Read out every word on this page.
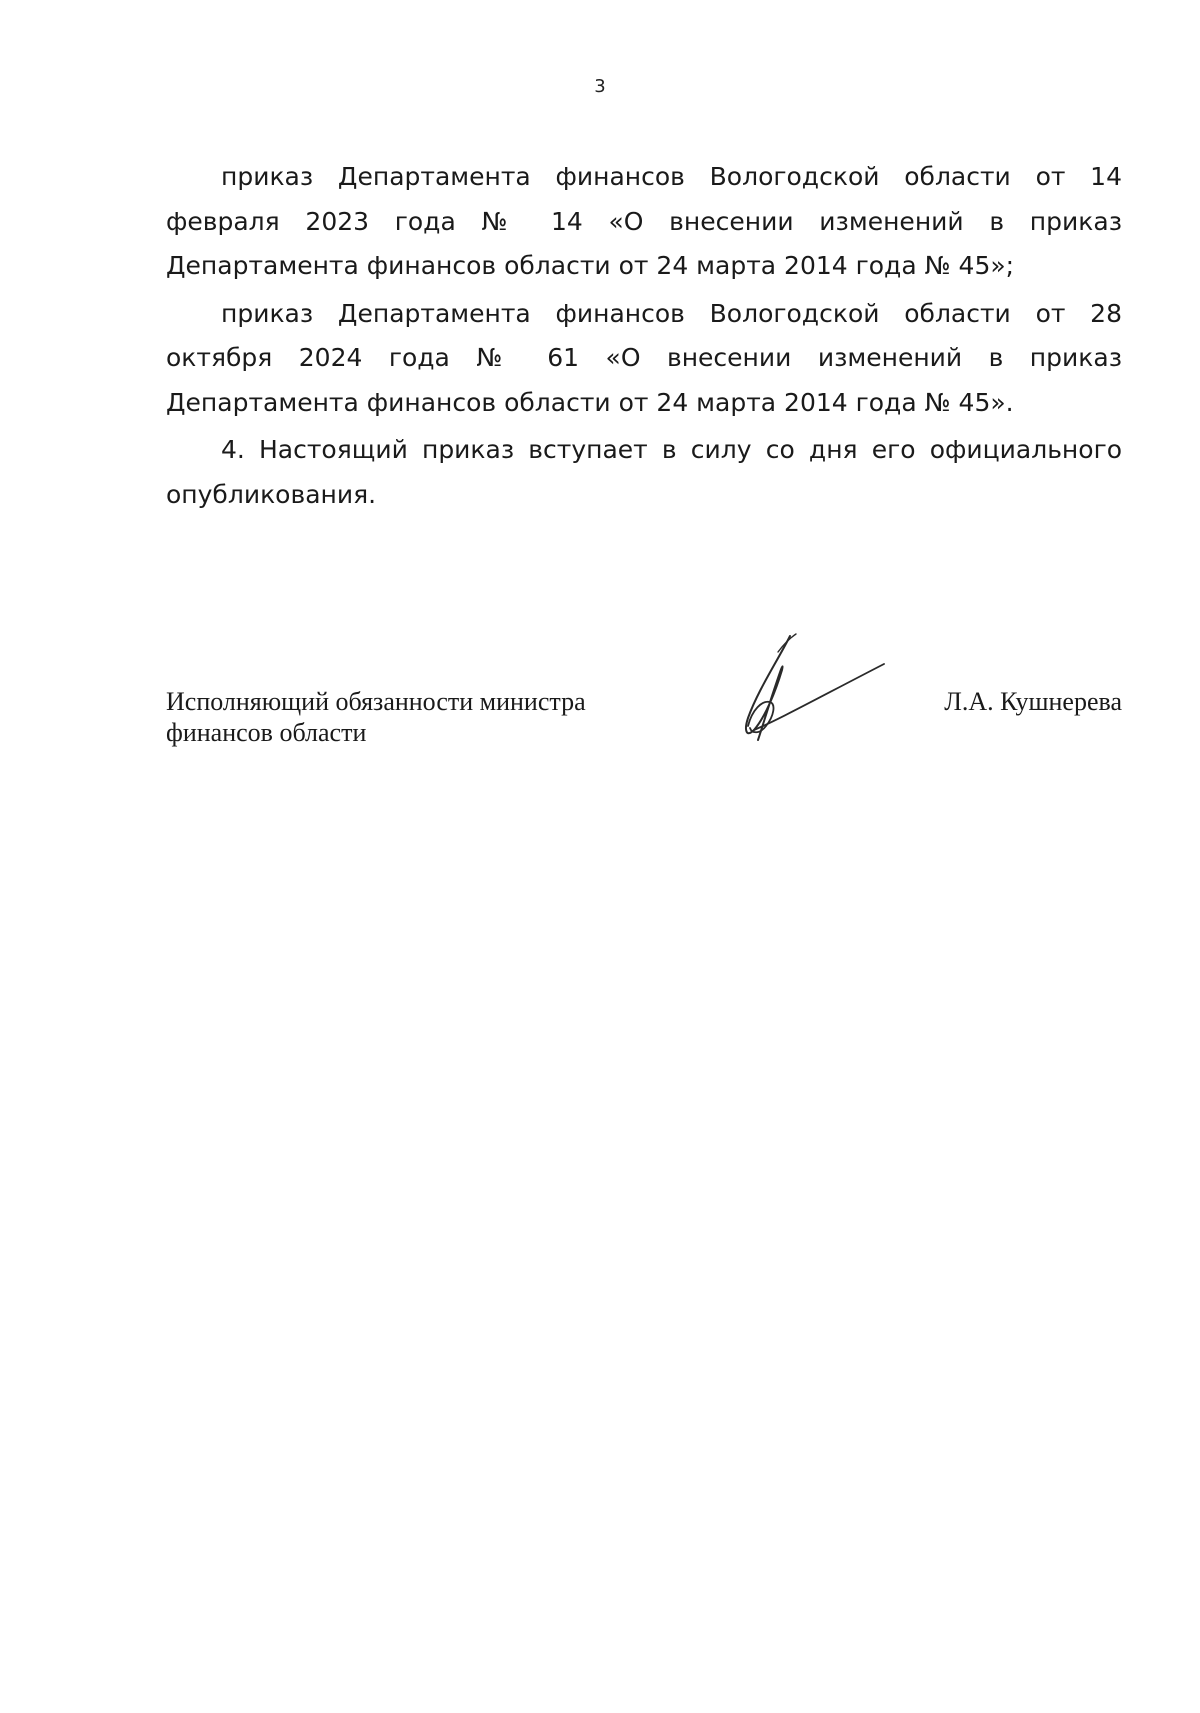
3

приказ Департамента финансов Вологодской области от 14 февраля 2023 года № 14 «О внесении изменений в приказ Департамента финансов области от 24 марта 2014 года № 45»;

приказ Департамента финансов Вологодской области от 28 октября 2024 года № 61 «О внесении изменений в приказ Департамента финансов области от 24 марта 2014 года № 45».

4. Настоящий приказ вступает в силу со дня его официального опубликования.

Исполняющий обязанности министра
финансов области
Л.А. Кушнерева
